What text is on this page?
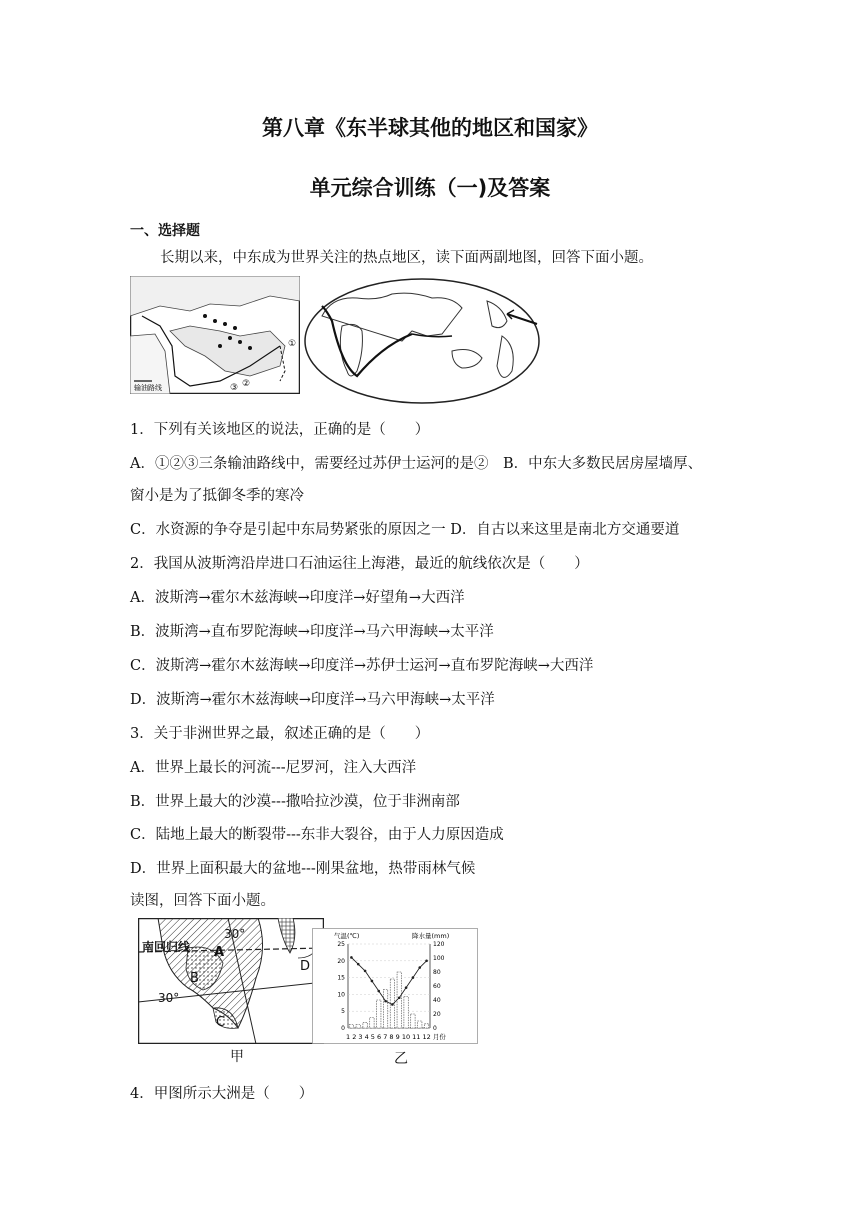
第八章《东半球其他的地区和国家》
单元综合训练（一)及答案
一、选择题
长期以来，中东成为世界关注的热点地区，读下面两副地图，回答下面小题。
①
②
③
输油路线
1．下列有关该地区的说法，正确的是（　　）
A．①②③三条输油路线中，需要经过苏伊士运河的是②　B．中东大多数民居房屋墙厚、
窗小是为了抵御冬季的寒冷
C．水资源的争夺是引起中东局势紧张的原因之一 D．自古以来这里是南北方交通要道
2．我国从波斯湾沿岸进口石油运往上海港，最近的航线依次是（　　）
A．波斯湾→霍尔木兹海峡→印度洋→好望角→大西洋
B．波斯湾→直布罗陀海峡→印度洋→马六甲海峡→太平洋
C．波斯湾→霍尔木兹海峡→印度洋→苏伊士运河→直布罗陀海峡→大西洋
D．波斯湾→霍尔木兹海峡→印度洋→马六甲海峡→太平洋
3．关于非洲世界之最，叙述正确的是（　　）
A．世界上最长的河流---尼罗河，注入大西洋
B．世界上最大的沙漠---撒哈拉沙漠，位于非洲南部
C．陆地上最大的断裂带---东非大裂谷，由于人力原因造成
D．世界上面积最大的盆地---刚果盆地，热带雨林气候
读图，回答下面小题。
南回归线
30°
30°
A
B
C
D
气温(℃)	降水量(mm)
25
20
15
10
5
0
120
100
80
60
40
20
0
1 2 3 4 5 6 7 8 9 10 11 12 月份
甲	乙
4．甲图所示大洲是（　　）
